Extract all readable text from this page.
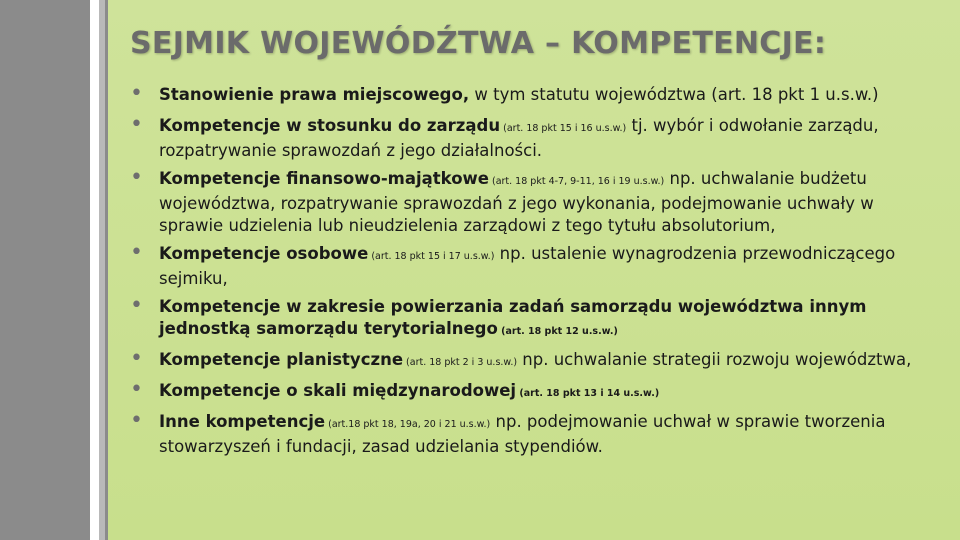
SEJMIK WOJEWÓDŹTWA – KOMPETENCJE:
• Stanowienie prawa miejscowego, w tym statutu województwa (art. 18 pkt 1 u.s.w.)
• Kompetencje w stosunku do zarządu (art. 18 pkt 15 i 16 u.s.w.) tj. wybór i odwołanie zarządu, rozpatrywanie sprawozdań z jego działalności.
• Kompetencje finansowo-majątkowe (art. 18 pkt 4-7, 9-11, 16 i 19 u.s.w.) np. uchwalanie budżetu województwa, rozpatrywanie sprawozdań z jego wykonania, podejmowanie uchwały w sprawie udzielenia lub nieudzielenia zarządowi z tego tytułu absolutorium,
• Kompetencje osobowe (art. 18 pkt 15 i 17 u.s.w.) np. ustalenie wynagrodzenia przewodniczącego sejmiku,
• Kompetencje w zakresie powierzania zadań samorządu województwa innym jednostką samorządu terytorialnego (art. 18 pkt 12 u.s.w.)
• Kompetencje planistyczne (art. 18 pkt 2 i 3 u.s.w.) np. uchwalanie strategii rozwoju województwa,
• Kompetencje o skali międzynarodowej (art. 18 pkt 13 i 14 u.s.w.)
• Inne kompetencje (art.18 pkt 18, 19a, 20 i 21 u.s.w.) np. podejmowanie uchwał w sprawie tworzenia stowarzyszeń i fundacji, zasad udzielania stypendiów.
